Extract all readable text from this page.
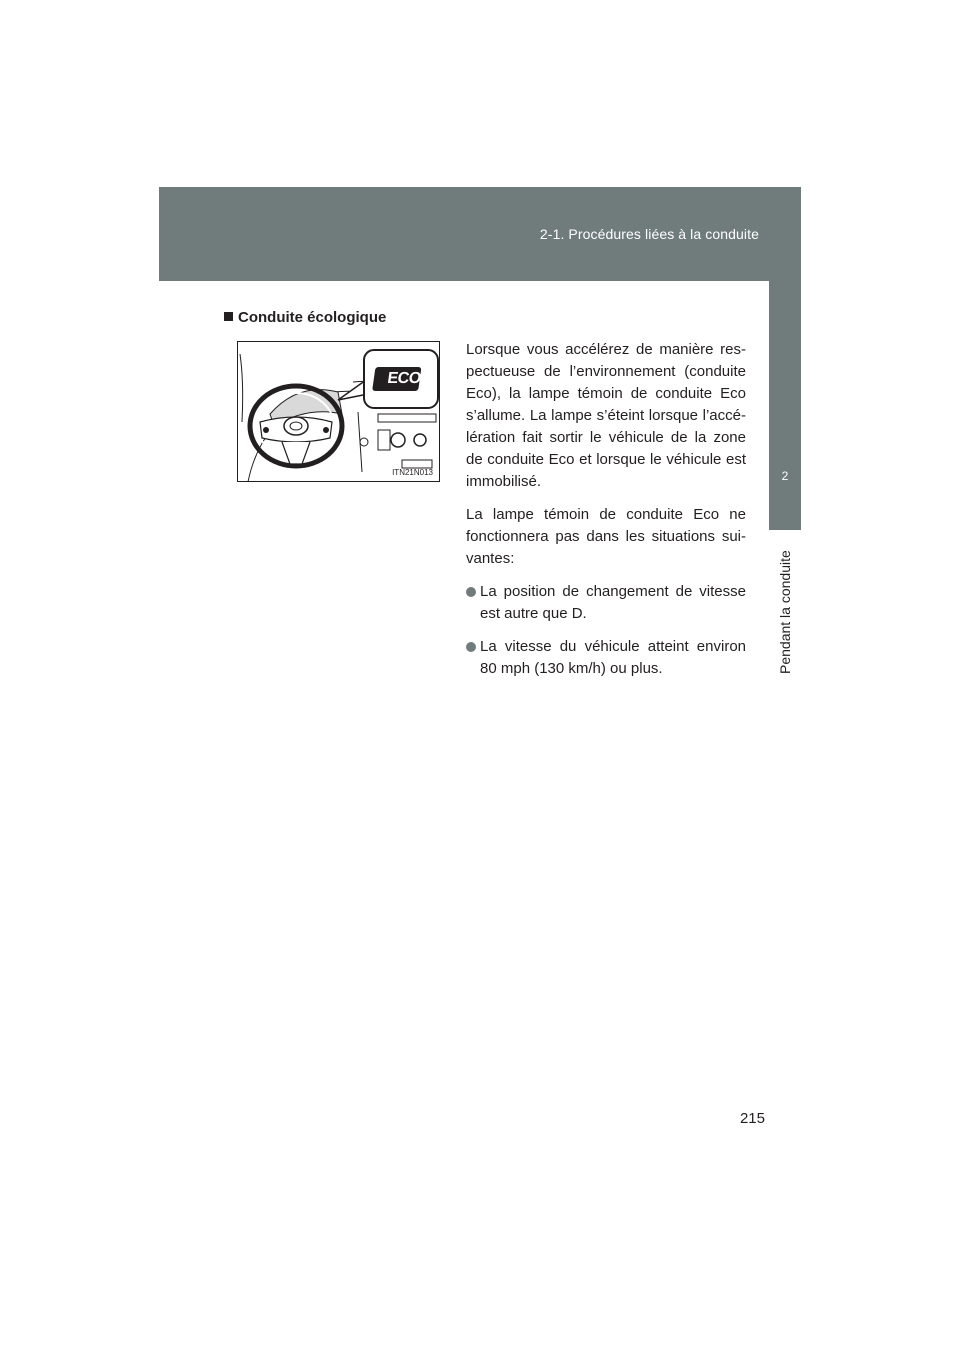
2-1. Procédures liées à la conduite
2
Pendant la conduite
Conduite écologique
ECO
ITN21N013

Lorsque vous accélérez de manière res-pectueuse de l’environnement (conduite Eco), la lampe témoin de conduite Eco s’allume. La lampe s’éteint lorsque l’accé-lération fait sortir le véhicule de la zone de conduite Eco et lorsque le véhicule est immobilisé.

La lampe témoin de conduite Eco ne fonctionnera pas dans les situations sui-vantes:

La position de changement de vitesse est autre que D.
La vitesse du véhicule atteint environ 80 mph (130 km/h) ou plus.
215
